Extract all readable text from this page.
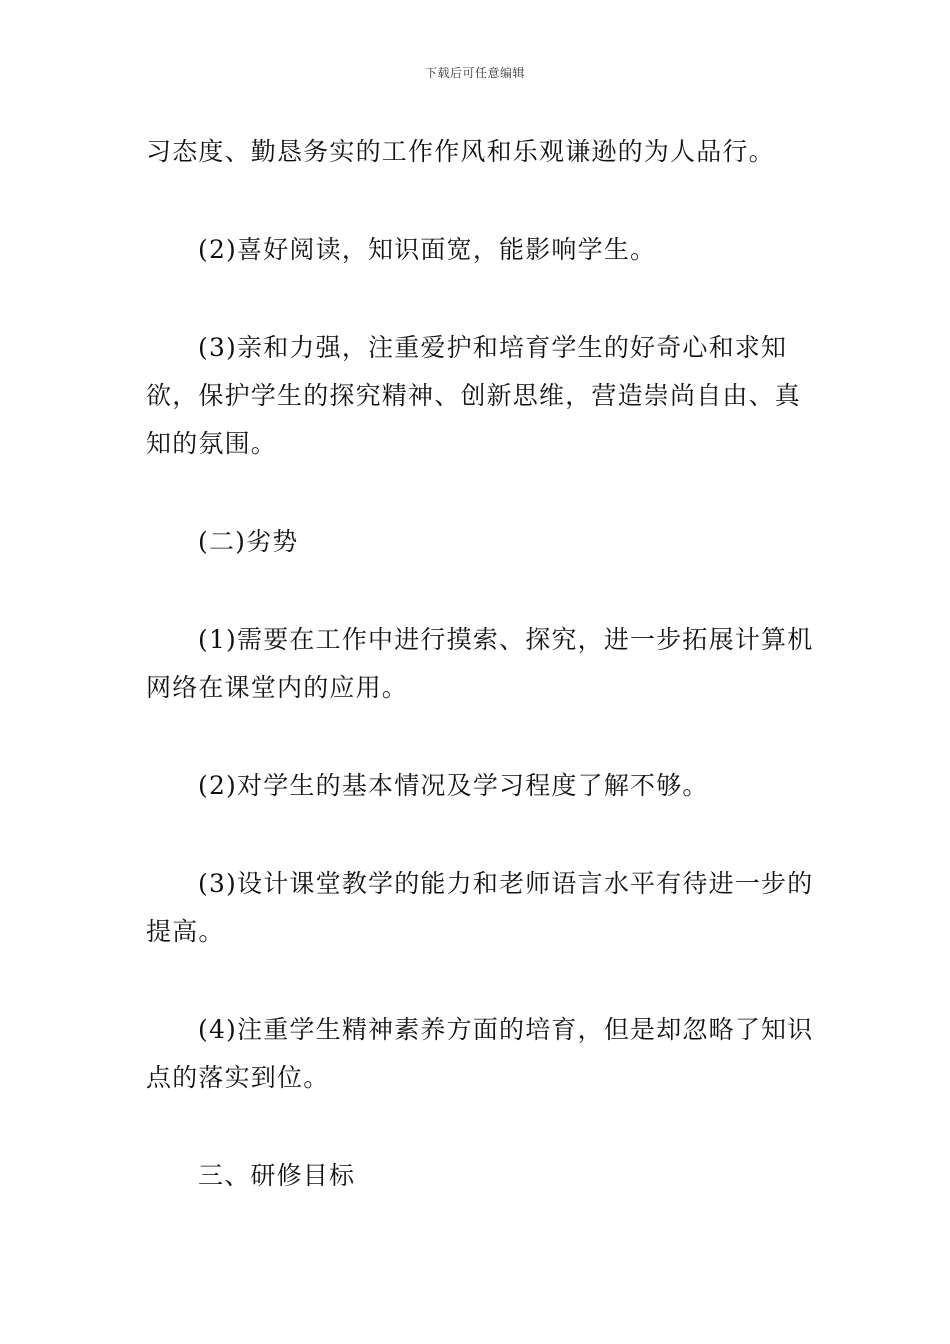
下载后可任意编辑

习态度、勤恳务实的工作作风和乐观谦逊的为人品行。

(2)喜好阅读，知识面宽，能影响学生。

(3)亲和力强，注重爱护和培育学生的好奇心和求知欲，保护学生的探究精神、创新思维，营造崇尚自由、真知的氛围。

(二)劣势

(1)需要在工作中进行摸索、探究，进一步拓展计算机网络在课堂内的应用。

(2)对学生的基本情况及学习程度了解不够。

(3)设计课堂教学的能力和老师语言水平有待进一步的提高。

(4)注重学生精神素养方面的培育，但是却忽略了知识点的落实到位。

三、研修目标
